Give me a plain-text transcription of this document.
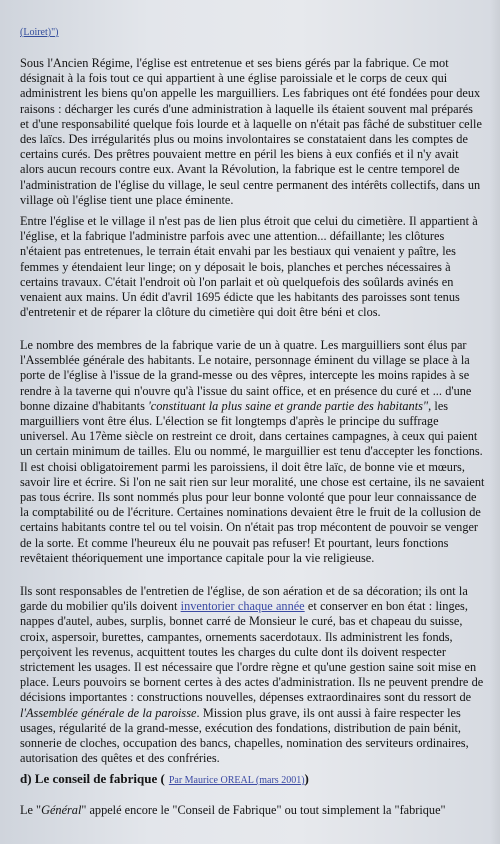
(Loiret)")

Sous l'Ancien Régime, l'église est entretenue et ses biens gérés par la fabrique. Ce mot désignait à la fois tout ce qui appartient à une église paroissiale et le corps de ceux qui administrent les biens qu'on appelle les marguilliers. Les fabriques ont été fondées pour deux raisons : décharger les curés d'une administration à laquelle ils étaient souvent mal préparés et d'une responsabilité quelque fois lourde et à laquelle on n'était pas fâché de substituer celle des laïcs. Des irrégularités plus ou moins involontaires se constataient dans les comptes de certains curés. Des prêtres pouvaient mettre en péril les biens à eux confiés et il n'y avait alors aucun recours contre eux. Avant la Révolution, la fabrique est le centre temporel de l'administration de l'église du village, le seul centre permanent des intérêts collectifs, dans un village où l'église tient une place éminente.

Entre l'église et le village il n'est pas de lien plus étroit que celui du cimetière. Il appartient à l'église, et la fabrique l'administre parfois avec une attention... défaillante; les clôtures n'étaient pas entretenues, le terrain était envahi par les bestiaux qui venaient y paître, les femmes y étendaient leur linge; on y déposait le bois, planches et perches nécessaires à certains travaux. C'était l'endroit où l'on parlait et où quelquefois des soûlards avinés en venaient aux mains. Un édit d'avril 1695 édicte que les habitants des paroisses sont tenus d'entretenir et de réparer la clôture du cimetière qui doit être béni et clos.

Le nombre des membres de la fabrique varie de un à quatre. Les marguilliers sont élus par l'Assemblée générale des habitants. Le notaire, personnage éminent du village se place à la porte de l'église à l'issue de la grand-messe ou des vêpres, intercepte les moins rapides à se rendre à la taverne qui n'ouvre qu'à l'issue du saint office, et en présence du curé et ... d'une bonne dizaine d'habitants 'constituant la plus saine et grande partie des habitants", les marguilliers vont être élus. L'élection se fit longtemps d'après le principe du suffrage universel. Au 17ème siècle on restreint ce droit, dans certaines campagnes, à ceux qui paient un certain minimum de tailles. Elu ou nommé, le marguillier est tenu d'accepter les fonctions. Il est choisi obligatoirement parmi les paroissiens, il doit être laïc, de bonne vie et mœurs, savoir lire et écrire. Si l'on ne sait rien sur leur moralité, une chose est certaine, ils ne savaient pas tous écrire. Ils sont nommés plus pour leur bonne volonté que pour leur connaissance de la comptabilité ou de l'écriture. Certaines nominations devaient être le fruit de la collusion de certains habitants contre tel ou tel voisin. On n'était pas trop mécontent de pouvoir se venger de la sorte. Et comme l'heureux élu ne pouvait pas refuser! Et pourtant, leurs fonctions revêtaient théoriquement une importance capitale pour la vie religieuse.

Ils sont responsables de l'entretien de l'église, de son aération et de sa décoration; ils ont la garde du mobilier qu'ils doivent inventorier chaque année et conserver en bon état : linges, nappes d'autel, aubes, surplis, bonnet carré de Monsieur le curé, bas et chapeau du suisse, croix, aspersoir, burettes, campantes, ornements sacerdotaux. Ils administrent les fonds, perçoivent les revenus, acquittent toutes les charges du culte dont ils doivent respecter strictement les usages. Il est nécessaire que l'ordre règne et qu'une gestion saine soit mise en place. Leurs pouvoirs se bornent certes à des actes d'administration. Ils ne peuvent prendre de décisions importantes : constructions nouvelles, dépenses extraordinaires sont du ressort de l'Assemblée générale de la paroisse. Mission plus grave, ils ont aussi à faire respecter les usages, régularité de la grand-messe, exécution des fondations, distribution de pain bénit, sonnerie de cloches, occupation des bancs, chapelles, nomination des serviteurs ordinaires, autorisation des quêtes et des confréries.

d) Le conseil de fabrique ( Par Maurice OREAL (mars 2001))
Le "Général" appelé encore le "Conseil de Fabrique" ou tout simplement la "fabrique"
